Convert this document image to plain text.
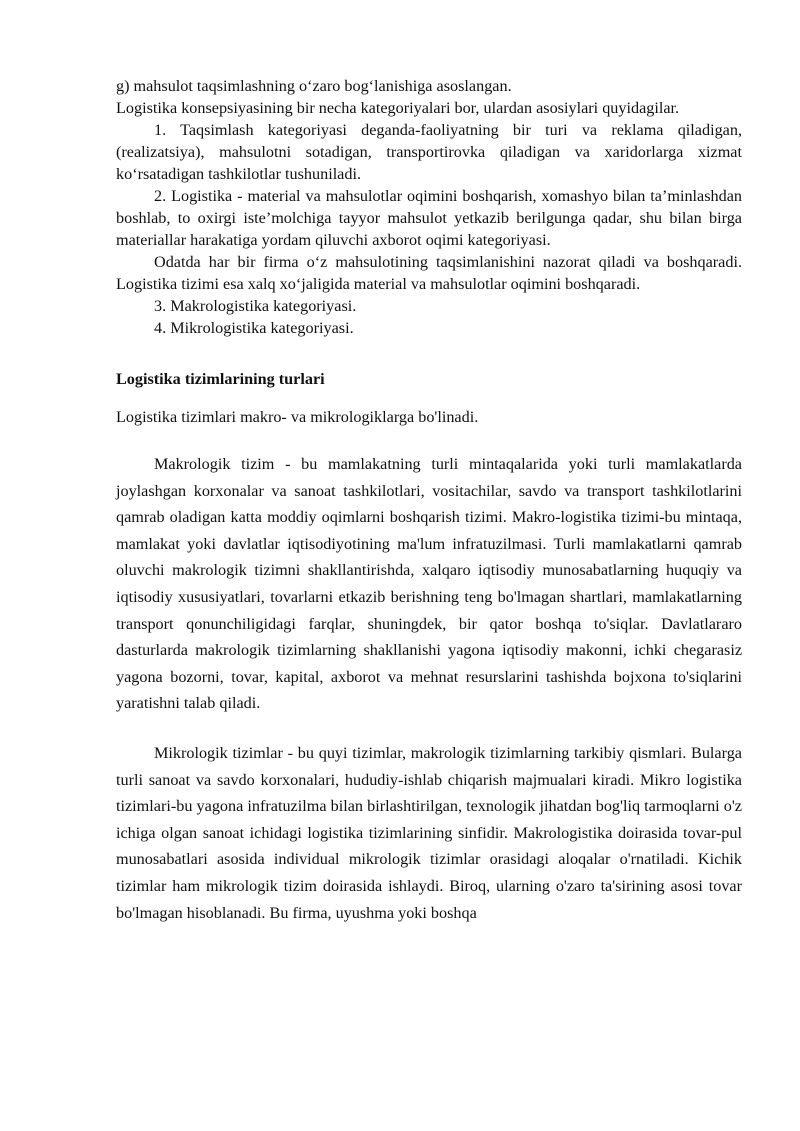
g) mahsulot taqsimlashning o‘zaro bog‘lanishiga asoslangan.

Logistika konsepsiyasining bir necha kategoriyalari bor, ulardan asosiylari quyidagilar.

1. Taqsimlash kategoriyasi deganda-faoliyatning bir turi va reklama qiladigan, (realizatsiya), mahsulotni sotadigan, transportirovka qiladigan va xaridorlarga xizmat ko‘rsatadigan tashkilotlar tushuniladi.

2. Logistika - material va mahsulotlar oqimini boshqarish, xomashyo bilan ta’minlashdan boshlab, to oxirgi iste’molchiga tayyor mahsulot yetkazib berilgunga qadar, shu bilan birga materiallar harakatiga yordam qiluvchi axborot oqimi kategoriyasi.

Odatda har bir firma o‘z mahsulotining taqsimlanishini nazorat qiladi va boshqaradi. Logistika tizimi esa xalq xo‘jaligida material va mahsulotlar oqimini boshqaradi.

3. Makrologistika kategoriyasi.

4. Mikrologistika kategoriyasi.

Logistika tizimlarining turlari

Logistika tizimlari makro- va mikrologiklarga bo'linadi.

Makrologik tizim - bu mamlakatning turli mintaqalarida yoki turli mamlakatlarda joylashgan korxonalar va sanoat tashkilotlari, vositachilar, savdo va transport tashkilotlarini qamrab oladigan katta moddiy oqimlarni boshqarish tizimi. Makro-logistika tizimi-bu mintaqa, mamlakat yoki davlatlar iqtisodiyotining ma'lum infratuzilmasi. Turli mamlakatlarni qamrab oluvchi makrologik tizimni shakllantirishda, xalqaro iqtisodiy munosabatlarning huquqiy va iqtisodiy xususiyatlari, tovarlarni etkazib berishning teng bo'lmagan shartlari, mamlakatlarning transport qonunchiligidagi farqlar, shuningdek, bir qator boshqa to'siqlar. Davlatlararo dasturlarda makrologik tizimlarning shakllanishi yagona iqtisodiy makonni, ichki chegarasiz yagona bozorni, tovar, kapital, axborot va mehnat resurslarini tashishda bojxona to'siqlarini yaratishni talab qiladi.

Mikrologik tizimlar - bu quyi tizimlar, makrologik tizimlarning tarkibiy qismlari. Bularga turli sanoat va savdo korxonalari, hududiy-ishlab chiqarish majmualari kiradi. Mikro logistika tizimlari-bu yagona infratuzilma bilan birlashtirilgan, texnologik jihatdan bog'liq tarmoqlarni o'z ichiga olgan sanoat ichidagi logistika tizimlarining sinfidir. Makrologistika doirasida tovar-pul munosabatlari asosida individual mikrologik tizimlar orasidagi aloqalar o'rnatiladi. Kichik tizimlar ham mikrologik tizim doirasida ishlaydi. Biroq, ularning o'zaro ta'sirining asosi tovar bo'lmagan hisoblanadi. Bu firma, uyushma yoki boshqa
